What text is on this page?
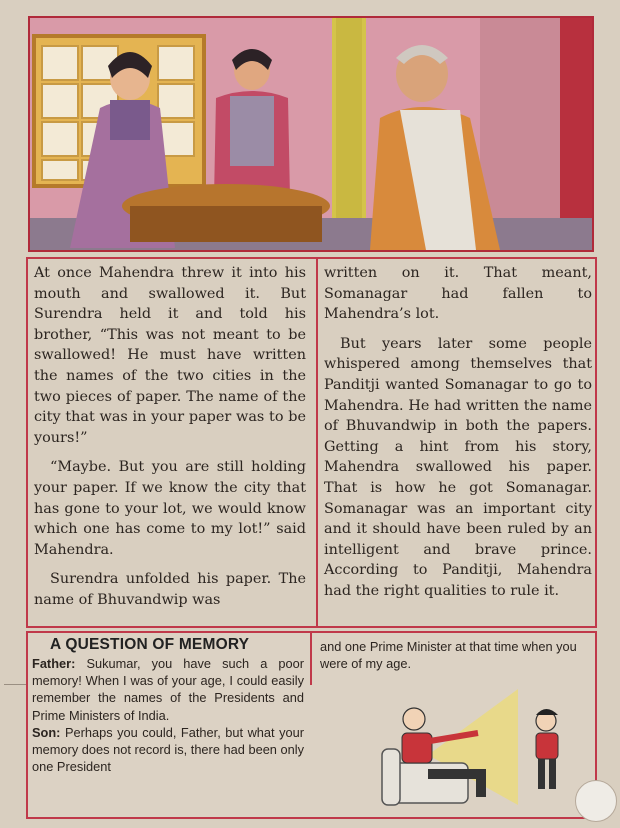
At once Mahendra threw it into his mouth and swallowed it. But Surendra held it and told his brother, “This was not meant to be swallowed! He must have written the names of the two cities in the two pieces of paper. The name of the city that was in your paper was to be yours!”

“Maybe. But you are still holding your paper. If we know the city that has gone to your lot, we would know which one has come to my lot!” said Mahendra.

Surendra unfolded his paper. The name of Bhuvandwip was

written on it. That meant, Somanagar had fallen to Mahendra’s lot.

But years later some people whispered among themselves that Panditji wanted Somanagar to go to Mahendra. He had written the name of Bhuvandwip in both the papers. Getting a hint from his story, Mahendra swallowed his paper. That is how he got Somanagar. Somanagar was an important city and it should have been ruled by an intelligent and brave prince. According to Panditji, Mahendra had the right qualities to rule it.

A QUESTION OF MEMORY

Father: Sukumar, you have such a poor memory! When I was of your age, I could easily remember the names of the Presidents and Prime Ministers of India.

Son: Perhaps you could, Father, but what your memory does not record is, there had been only one President

and one Prime Minister at that time when you were of my age.
